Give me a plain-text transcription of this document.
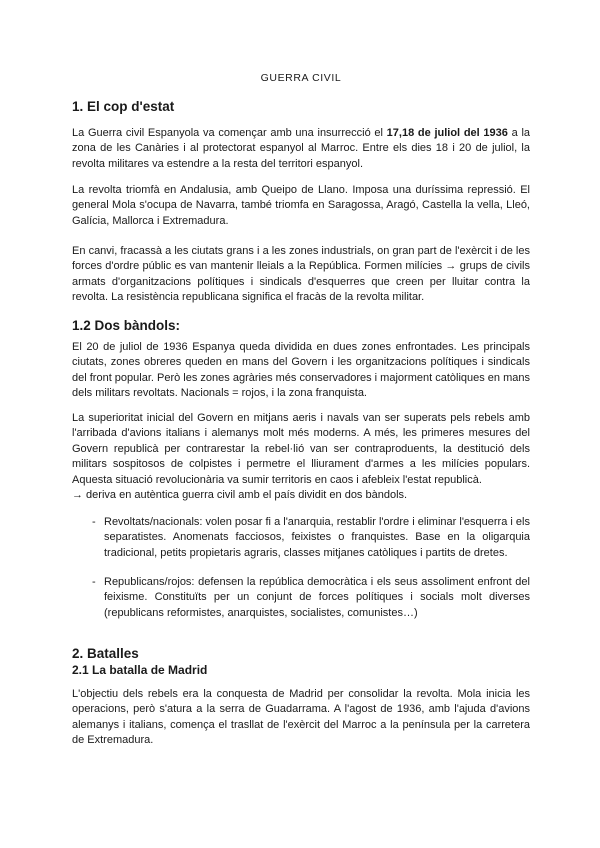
GUERRA CIVIL
1. El cop d'estat

La Guerra civil Espanyola va començar amb una insurrecció el 17,18 de juliol del 1936 a la zona de les Canàries i al protectorat espanyol al Marroc. Entre els dies 18 i 20 de juliol, la revolta militares va estendre a la resta del territori espanyol.

La revolta triomfà en Andalusia, amb Queipo de Llano. Imposa una duríssima repressió. El general Mola s'ocupa de Navarra, també triomfa en Saragossa, Aragó, Castella la vella, Lleó, Galícia, Mallorca i Extremadura.

En canvi, fracassà a les ciutats grans i a les zones industrials, on gran part de l'exèrcit i de les forces d'ordre públic es van mantenir lleials a la República. Formen milícies → grups de civils armats d'organitzacions polítiques i sindicals d'esquerres que creen per lluitar contra la revolta. La resistència republicana significa el fracàs de la revolta militar.

1.2 Dos bàndols:

El 20 de juliol de 1936 Espanya queda dividida en dues zones enfrontades. Les principals ciutats, zones obreres queden en mans del Govern i les organitzacions polítiques i sindicals del front popular. Però les zones agràries més conservadores i majorment catòliques en mans dels militars revoltats. Nacionals = rojos, i la zona franquista.

La superioritat inicial del Govern en mitjans aeris i navals van ser superats pels rebels amb l'arribada d'avions italians i alemanys molt més moderns. A més, les primeres mesures del Govern republicà per contrarestar la rebel·lió van ser contraproduents, la destitució dels militars sospitosos de colpistes i permetre el lliurament d'armes a les milícies populars. Aquesta situació revolucionària va sumir territoris en caos i afebleix l'estat republicà.
→ deriva en autèntica guerra civil amb el país dividit en dos bàndols.

- Revoltats/nacionals: volen posar fi a l'anarquia, restablir l'ordre i eliminar l'esquerra i els separatistes. Anomenats facciosos, feixistes o franquistes. Base en la oligarquia tradicional, petits propietaris agraris, classes mitjanes catòliques i partits de dretes.
- Republicans/rojos: defensen la república democràtica i els seus assoliment enfront del feixisme. Constituïts per un conjunt de forces polítiques i socials molt diverses (republicans reformistes, anarquistes, socialistes, comunistes…)
2. Batalles
2.1 La batalla de Madrid

L'objectiu dels rebels era la conquesta de Madrid per consolidar la revolta. Mola inicia les operacions, però s'atura a la serra de Guadarrama. A l'agost de 1936, amb l'ajuda d'avions alemanys i italians, comença el trasllat de l'exèrcit del Marroc a la península per la carretera de Extremadura.
